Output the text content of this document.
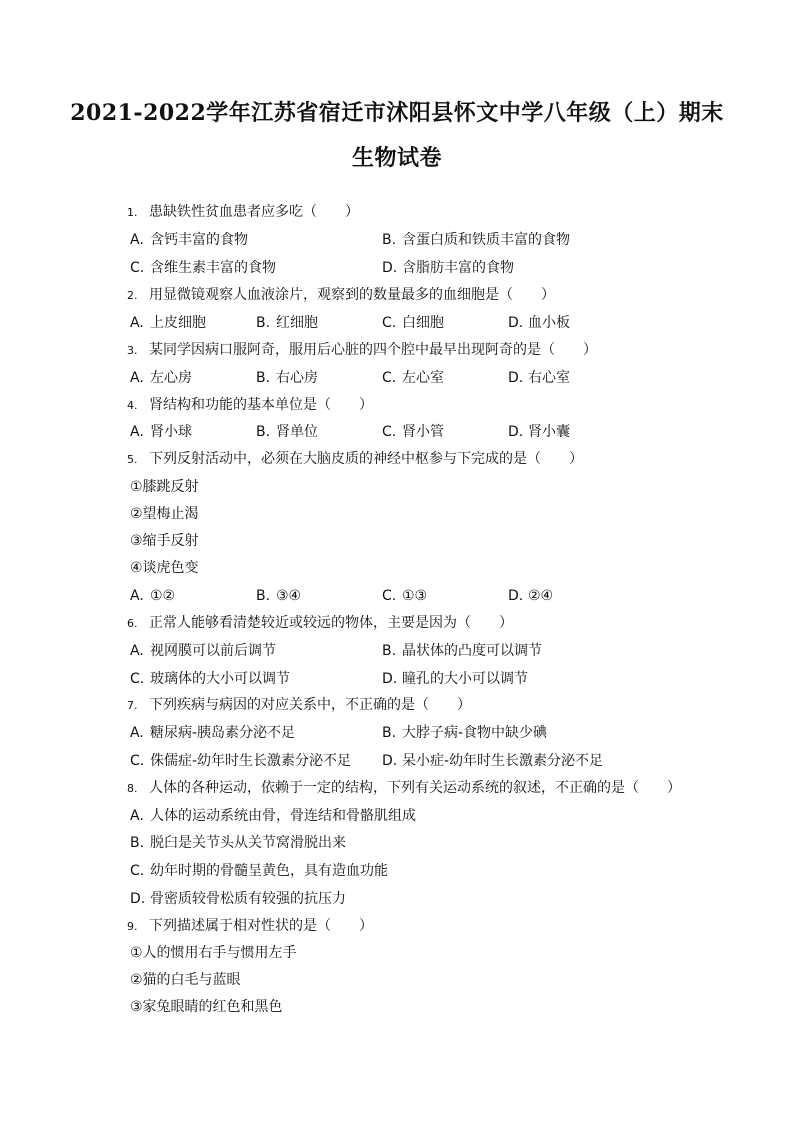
2021-2022学年江苏省宿迁市沭阳县怀文中学八年级（上）期末
生物试卷
1. 患缺铁性贫血患者应多吃（　　）
A. 含钙丰富的食物	B. 含蛋白质和铁质丰富的食物
C. 含维生素丰富的食物	D. 含脂肪丰富的食物
2. 用显微镜观察人血液涂片，观察到的数量最多的血细胞是（　　）
A. 上皮细胞	B. 红细胞	C. 白细胞	D. 血小板
3. 某同学因病口服阿奇，服用后心脏的四个腔中最早出现阿奇的是（　　）
A. 左心房	B. 右心房	C. 左心室	D. 右心室
4. 肾结构和功能的基本单位是（　　）
A. 肾小球	B. 肾单位	C. 肾小管	D. 肾小囊
5. 下列反射活动中，必须在大脑皮质的神经中枢参与下完成的是（　　）
①膝跳反射
②望梅止渴
③缩手反射
④谈虎色变
A. ①②	B. ③④	C. ①③	D. ②④
6. 正常人能够看清楚较近或较远的物体，主要是因为（　　）
A. 视网膜可以前后调节	B. 晶状体的凸度可以调节
C. 玻璃体的大小可以调节	D. 瞳孔的大小可以调节
7. 下列疾病与病因的对应关系中，不正确的是（　　）
A. 糖尿病-胰岛素分泌不足	B. 大脖子病-食物中缺少碘
C. 侏儒症-幼年时生长激素分泌不足 D. 呆小症-幼年时生长激素分泌不足
8. 人体的各种运动，依赖于一定的结构，下列有关运动系统的叙述，不正确的是（　　）
A. 人体的运动系统由骨，骨连结和骨骼肌组成
B. 脱臼是关节头从关节窝滑脱出来
C. 幼年时期的骨髓呈黄色，具有造血功能
D. 骨密质较骨松质有较强的抗压力
9. 下列描述属于相对性状的是（　　）
①人的惯用右手与惯用左手
②猫的白毛与蓝眼
③家兔眼睛的红色和黑色
